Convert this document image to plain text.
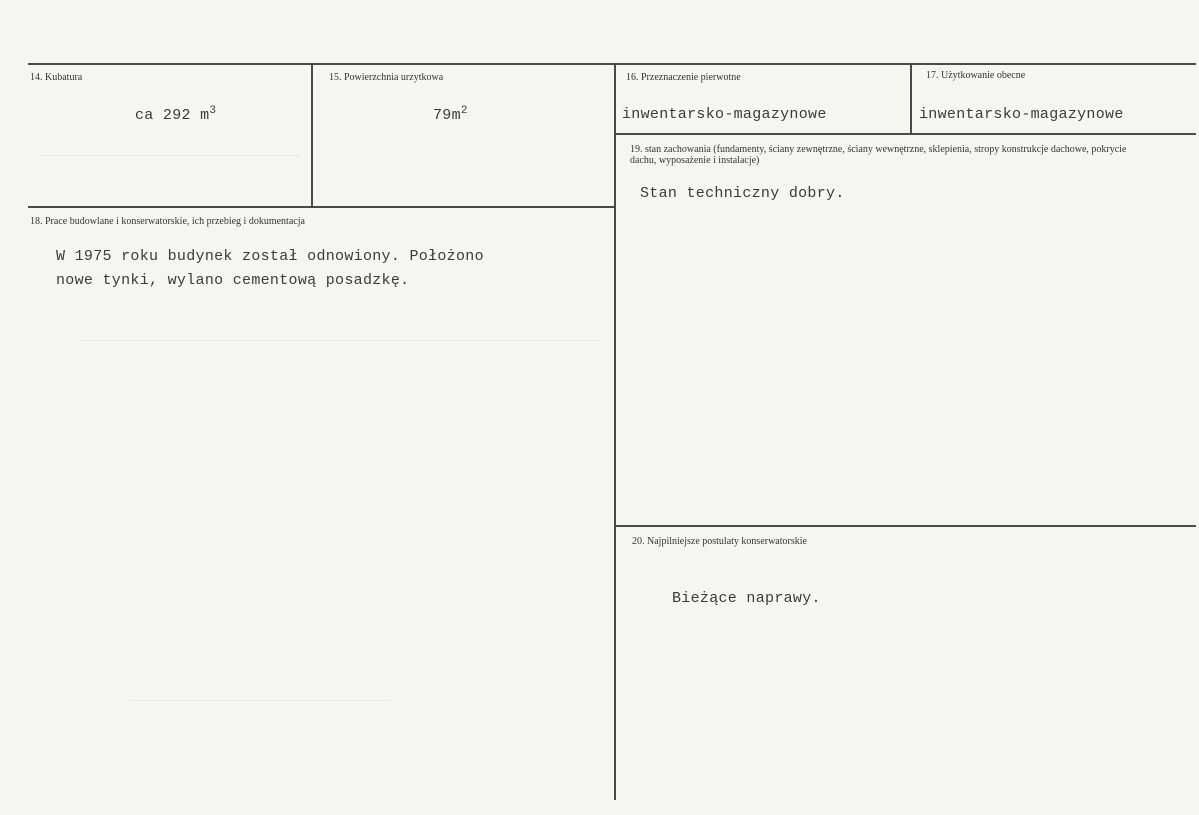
14. Kubatura
ca 292 $m^3$
15. Powierzchnia urzytkowa
$79m^2$
16. Przeznaczenie pierwotne
inwentarsko-magazynowe
17. Użytkowanie obecne
inwentarsko-magazynowe
18. Prace budowlane i konserwatorskie, ich przebieg i dokumentacja
W 1975 roku budynek został odnowiony. Położono
nowe tynki, wylano cementową posadzkę.
19. stan zachowania (fundamenty, ściany zewnętrzne, ściany wewnętrzne, sklepienia, stropy konstrukcje dachowe, pokrycie dachu, wyposażenie i instalacje)
Stan techniczny dobry.
20. Najpilniejsze postulaty konserwatorskie
Bieżące naprawy.
